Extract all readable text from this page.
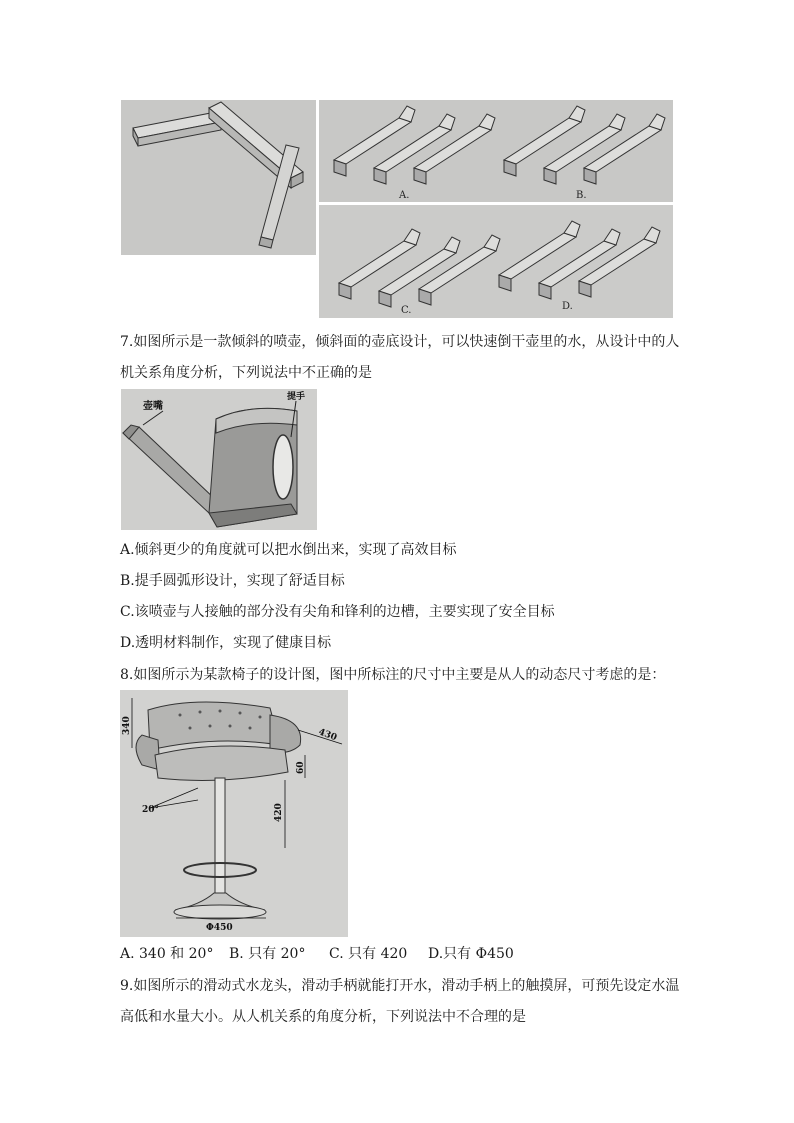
A.	B.
C.	D.
7.如图所示是一款倾斜的喷壶，倾斜面的壶底设计，可以快速倒干壶里的水，从设计中的人
机关系角度分析，下列说法中不正确的是
壶嘴
提手
A.倾斜更少的角度就可以把水倒出来，实现了高效目标
B.提手圆弧形设计，实现了舒适目标
C.该喷壶与人接触的部分没有尖角和锋利的边槽，主要实现了安全目标
D.透明材料制作，实现了健康目标
8.如图所示为某款椅子的设计图，图中所标注的尺寸中主要是从人的动态尺寸考虑的是：
340
430
60
20°	420
Φ450
A. 340 和 20° B. 只有 20° C. 只有 420 D.只有 Φ450
9.如图所示的滑动式水龙头，滑动手柄就能打开水，滑动手柄上的触摸屏，可预先设定水温
高低和水量大小。从人机关系的角度分析，下列说法中不合理的是
